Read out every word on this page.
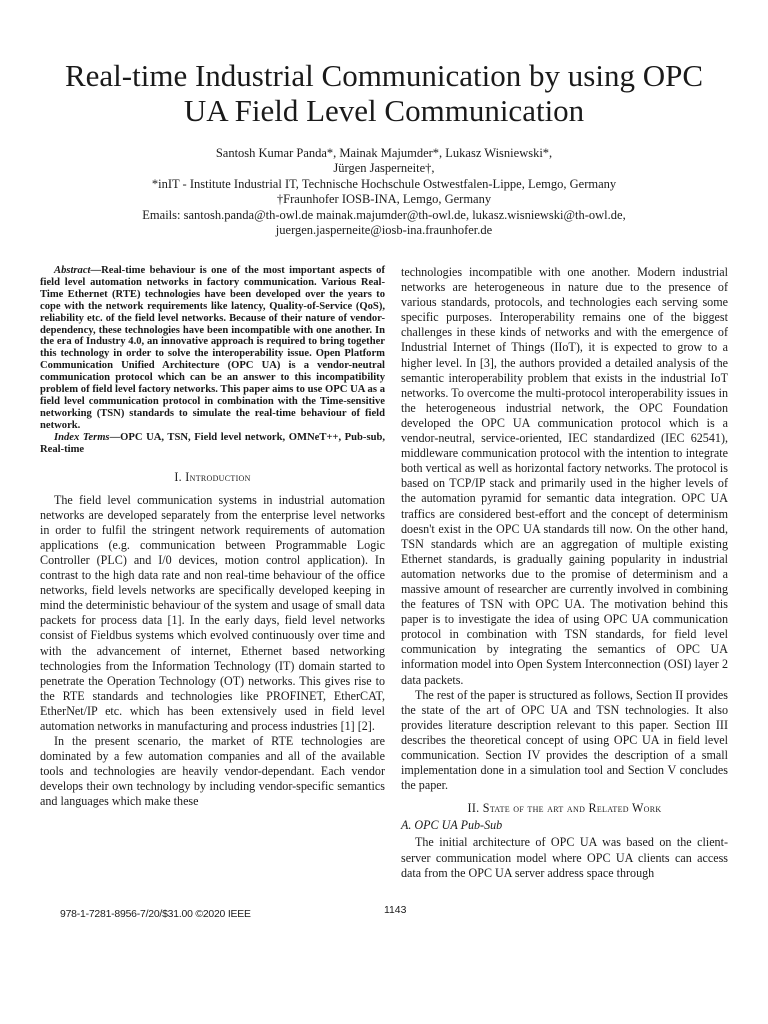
Real-time Industrial Communication by using OPC UA Field Level Communication
Santosh Kumar Panda*, Mainak Majumder*, Lukasz Wisniewski*,
Jürgen Jasperneite†,
*inIT - Institute Industrial IT, Technische Hochschule Ostwestfalen-Lippe, Lemgo, Germany
†Fraunhofer IOSB-INA, Lemgo, Germany
Emails: santosh.panda@th-owl.de mainak.majumder@th-owl.de, lukasz.wisniewski@th-owl.de,
juergen.jasperneite@iosb-ina.fraunhofer.de

Abstract—Real-time behaviour is one of the most important aspects of field level automation networks in factory communication. Various Real-Time Ethernet (RTE) technologies have been developed over the years to cope with the network requirements like latency, Quality-of-Service (QoS), reliability etc. of the field level networks. Because of their nature of vendor-dependency, these technologies have been incompatible with one another. In the era of Industry 4.0, an innovative approach is required to bring together this technology in order to solve the interoperability issue. Open Platform Communication Unified Architecture (OPC UA) is a vendor-neutral communication protocol which can be an answer to this incompatibility problem of field level factory networks. This paper aims to use OPC UA as a field level communication protocol in combination with the Time-sensitive networking (TSN) standards to simulate the real-time behaviour of field network.

Index Terms—OPC UA, TSN, Field level network, OMNeT++, Pub-sub, Real-time

I. Introduction

The field level communication systems in industrial automation networks are developed separately from the enterprise level networks in order to fulfil the stringent network requirements of automation applications (e.g. communication between Programmable Logic Controller (PLC) and I/0 devices, motion control application). In contrast to the high data rate and non real-time behaviour of the office networks, field levels networks are specifically developed keeping in mind the deterministic behaviour of the system and usage of small data packets for process data [1]. In the early days, field level networks consist of Fieldbus systems which evolved continuously over time and with the advancement of internet, Ethernet based networking technologies from the Information Technology (IT) domain started to penetrate the Operation Technology (OT) networks. This gives rise to the RTE standards and technologies like PROFINET, EtherCAT, EtherNet/IP etc. which has been extensively used in field level automation networks in manufacturing and process industries [1] [2].

In the present scenario, the market of RTE technologies are dominated by a few automation companies and all of the available tools and technologies are heavily vendor-dependant. Each vendor develops their own technology by including vendor-specific semantics and languages which make these

technologies incompatible with one another. Modern industrial networks are heterogeneous in nature due to the presence of various standards, protocols, and technologies each serving some specific purposes. Interoperability remains one of the biggest challenges in these kinds of networks and with the emergence of Industrial Internet of Things (IIoT), it is expected to grow to a higher level. In [3], the authors provided a detailed analysis of the semantic interoperability problem that exists in the industrial IoT networks. To overcome the multi-protocol interoperability issues in the heterogeneous industrial network, the OPC Foundation developed the OPC UA communication protocol which is a vendor-neutral, service-oriented, IEC standardized (IEC 62541), middleware communication protocol with the intention to integrate both vertical as well as horizontal factory networks. The protocol is based on TCP/IP stack and primarily used in the higher levels of the automation pyramid for semantic data integration. OPC UA traffics are considered best-effort and the concept of determinism doesn't exist in the OPC UA standards till now. On the other hand, TSN standards which are an aggregation of multiple existing Ethernet standards, is gradually gaining popularity in industrial automation networks due to the promise of determinism and a massive amount of researcher are currently involved in combining the features of TSN with OPC UA. The motivation behind this paper is to investigate the idea of using OPC UA communication protocol in combination with TSN standards, for field level communication by integrating the semantics of OPC UA information model into Open System Interconnection (OSI) layer 2 data packets.

The rest of the paper is structured as follows, Section II provides the state of the art of OPC UA and TSN technologies. It also provides literature description relevant to this paper. Section III describes the theoretical concept of using OPC UA in field level communication. Section IV provides the description of a small implementation done in a simulation tool and Section V concludes the paper.

II. State of the art and Related Work
A. OPC UA Pub-Sub

The initial architecture of OPC UA was based on the client-server communication model where OPC UA clients can access data from the OPC UA server address space through

978-1-7281-8956-7/20/$31.00 ©2020 IEEE	1143
